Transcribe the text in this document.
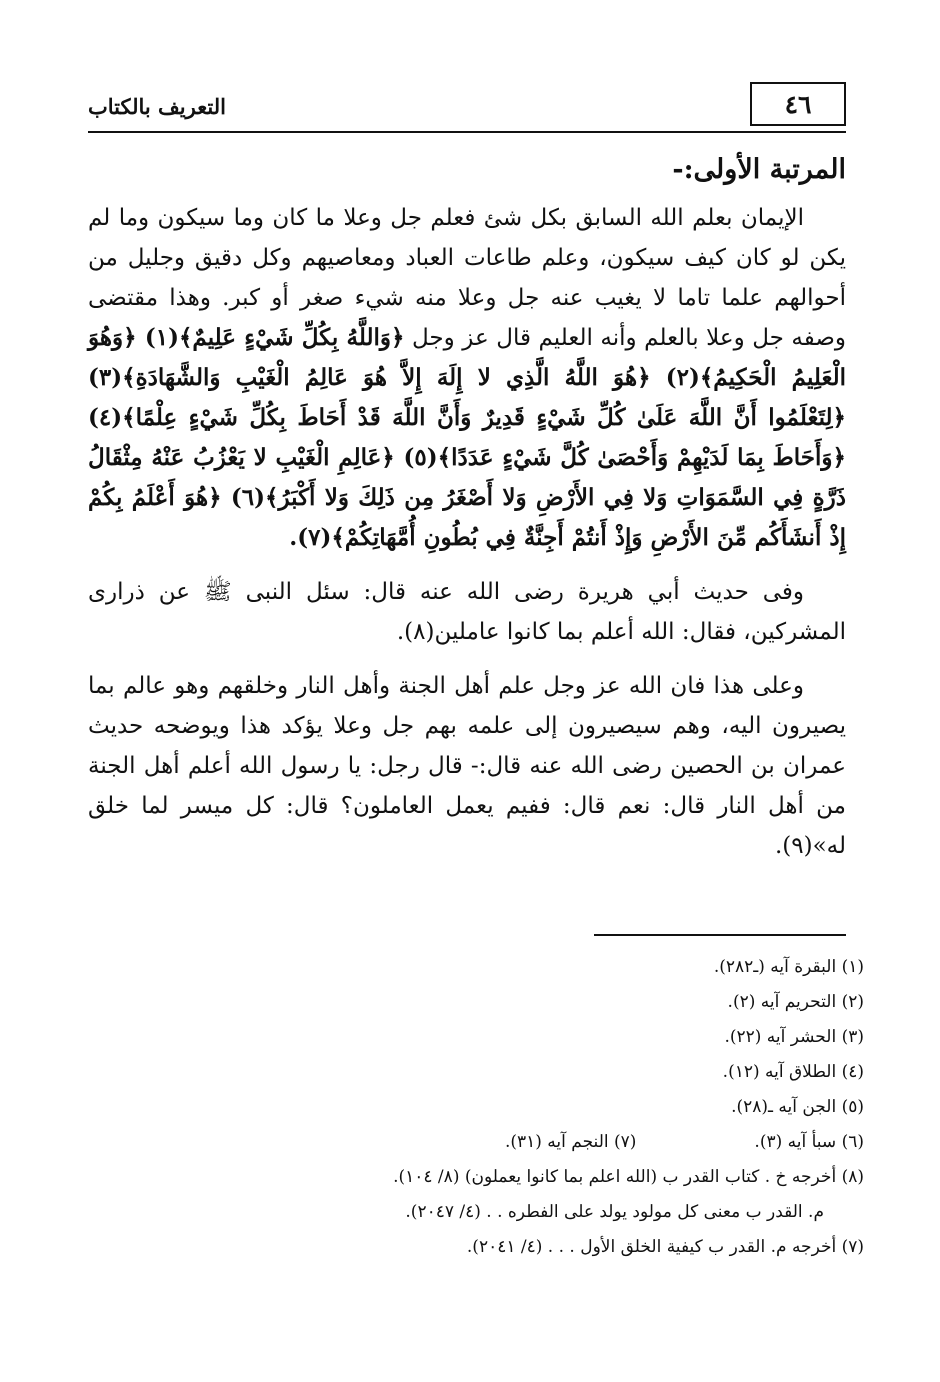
٤٦
التعريف بالكتاب
المرتبة الأولى:-

الإيمان بعلم الله السابق بكل شئ فعلم جل وعلا ما كان وما سيكون وما لم يكن لو كان كيف سيكون، وعلم طاعات العباد ومعاصيهم وكل دقيق وجليل من أحوالهم علما تاما لا يغيب عنه جل وعلا منه شيء صغر أو كبر. وهذا مقتضى وصفه جل وعلا بالعلم وأنه العليم قال عز وجل ﴿وَاللَّهُ بِكُلِّ شَيْءٍ عَلِيمٌ﴾(١) ﴿وَهُوَ الْعَلِيمُ الْحَكِيمُ﴾(٢) ﴿هُوَ اللَّهُ الَّذِي لا إِلَهَ إِلاَّ هُوَ عَالِمُ الْغَيْبِ وَالشَّهَادَةِ﴾(٣) ﴿لِتَعْلَمُوا أَنَّ اللَّهَ عَلَىٰ كُلِّ شَيْءٍ قَدِيرٌ وَأَنَّ اللَّهَ قَدْ أَحَاطَ بِكُلِّ شَيْءٍ عِلْمًا﴾(٤) ﴿وَأَحَاطَ بِمَا لَدَيْهِمْ وَأَحْصَىٰ كُلَّ شَيْءٍ عَدَدًا﴾(٥) ﴿عَالِمِ الْغَيْبِ لا يَعْزُبُ عَنْهُ مِثْقَالُ ذَرَّةٍ فِي السَّمَوَاتِ وَلا فِي الأَرْضِ وَلا أَصْغَرُ مِن ذَلِكَ وَلا أَكْبَرُ﴾(٦) ﴿هُوَ أَعْلَمُ بِكُمْ إِذْ أَنشَأَكُم مِّنَ الأَرْضِ وَإِذْ أَنتُمْ أَجِنَّةٌ فِي بُطُونِ أُمَّهَاتِكُمْ﴾(٧).

وفى حديث أبي هريرة رضى الله عنه قال: سئل النبى ﷺ عن ذرارى المشركين، فقال: الله أعلم بما كانوا عاملين(٨).

وعلى هذا فان الله عز وجل علم أهل الجنة وأهل النار وخلقهم وهو عالم بما يصيرون اليه، وهم سيصيرون إلى علمه بهم جل وعلا يؤكد هذا ويوضحه حديث عمران بن الحصين رضى الله عنه قال:- قال رجل: يا رسول الله أعلم أهل الجنة من أهل النار قال: نعم قال: ففيم يعمل العاملون؟ قال: كل ميسر لما خلق له»(٩).

(١) البقرة آيه (ـ٢٨٢).
(٢) التحريم آيه (٢).
(٣) الحشر آيه (٢٢).
(٤) الطلاق آيه (١٢).
(٥) الجن آيه ـ(٢٨).
(٦) سبأ آيه (٣).
(٧) النجم آيه (٣١).
(٨) أخرجه خ . كتاب القدر ب (الله اعلم بما كانوا يعملون) (٨/ ١٠٤).
م. القدر ب معنى كل مولود يولد على الفطره . . (٤/ ٢٠٤٧).
(٧) أخرجه م. القدر ب كيفية الخلق الأول . . . (٤/ ٢٠٤١).
